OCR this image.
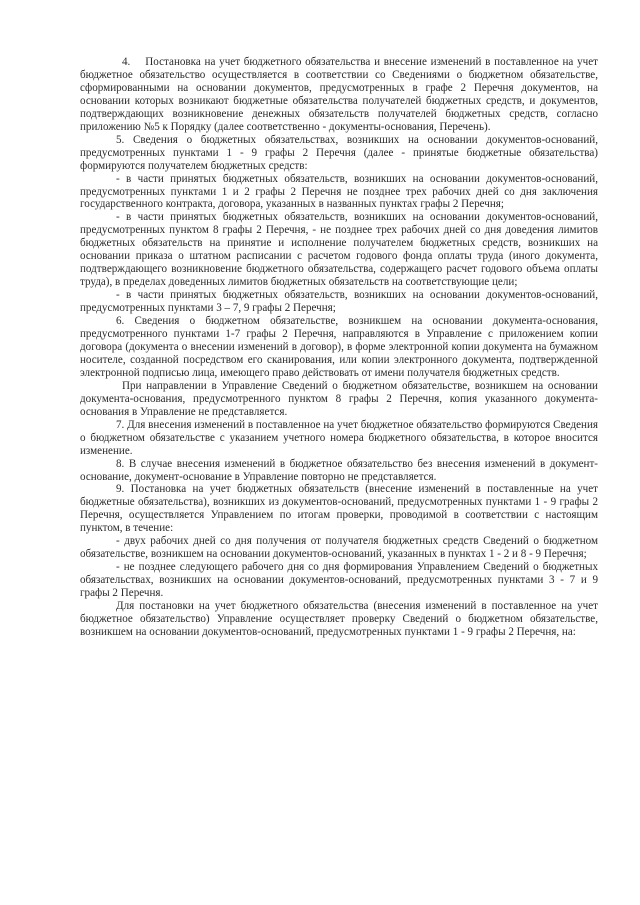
4.    Постановка на учет бюджетного обязательства и внесение изменений в поставленное на учет бюджетное обязательство осуществляется в соответствии со Сведениями о бюджетном обязательстве, сформированными на основании документов, предусмотренных в графе 2 Перечня документов, на основании которых возникают бюджетные обязательства получателей бюджетных средств, и документов, подтверждающих возникновение денежных обязательств получателей бюджетных средств, согласно приложению №5 к Порядку (далее соответственно - документы-основания, Перечень).

5. Сведения о бюджетных обязательствах, возникших на основании документов-оснований, предусмотренных пунктами 1 - 9 графы 2 Перечня (далее - принятые бюджетные обязательства) формируются получателем бюджетных средств:

- в части принятых бюджетных обязательств, возникших на основании документов-оснований, предусмотренных пунктами 1 и 2 графы 2 Перечня не позднее трех рабочих дней со дня заключения государственного контракта, договора, указанных в названных пунктах графы 2 Перечня;

- в части принятых бюджетных обязательств, возникших на основании документов-оснований, предусмотренных пунктом 8 графы 2 Перечня, - не позднее трех рабочих дней со дня доведения лимитов бюджетных обязательств на принятие и исполнение получателем бюджетных средств, возникших на основании приказа о штатном расписании с расчетом годового фонда оплаты труда (иного документа, подтверждающего возникновение бюджетного обязательства, содержащего расчет годового объема оплаты труда), в пределах доведенных лимитов бюджетных обязательств на соответствующие цели;

- в части принятых бюджетных обязательств, возникших на основании документов-оснований, предусмотренных пунктами 3 – 7, 9 графы 2 Перечня;

6. Сведения о бюджетном обязательстве, возникшем на основании документа-основания, предусмотренного пунктами 1-7 графы 2 Перечня, направляются в Управление с приложением копии договора (документа о внесении изменений в договор), в форме электронной копии документа на бумажном носителе, созданной посредством его сканирования, или копии электронного документа, подтвержденной электронной подписью лица, имеющего право действовать от имени получателя бюджетных средств.

При направлении в Управление Сведений о бюджетном обязательстве, возникшем на основании документа-основания, предусмотренного пунктом 8 графы 2 Перечня, копия указанного документа-основания в Управление не представляется.

7. Для внесения изменений в поставленное на учет бюджетное обязательство формируются Сведения о бюджетном обязательстве с указанием учетного номера бюджетного обязательства, в которое вносится изменение.

8. В случае внесения изменений в бюджетное обязательство без внесения изменений в документ-основание, документ-основание в Управление повторно не представляется.

9. Постановка на учет бюджетных обязательств (внесение изменений в поставленные на учет бюджетные обязательства), возникших из документов-оснований, предусмотренных пунктами 1 - 9 графы 2 Перечня, осуществляется Управлением по итогам проверки, проводимой в соответствии с настоящим пунктом, в течение:

- двух рабочих дней со дня получения от получателя бюджетных средств Сведений о бюджетном обязательстве, возникшем на основании документов-оснований, указанных в пунктах 1 - 2 и 8 - 9 Перечня;

- не позднее следующего рабочего дня со дня формирования Управлением Сведений о бюджетных обязательствах, возникших на основании документов-оснований, предусмотренных пунктами 3 - 7 и 9 графы 2 Перечня.

Для постановки на учет бюджетного обязательства (внесения изменений в поставленное на учет бюджетное обязательство) Управление осуществляет проверку Сведений о бюджетном обязательстве, возникшем на основании документов-оснований, предусмотренных пунктами 1 - 9 графы 2 Перечня, на:
